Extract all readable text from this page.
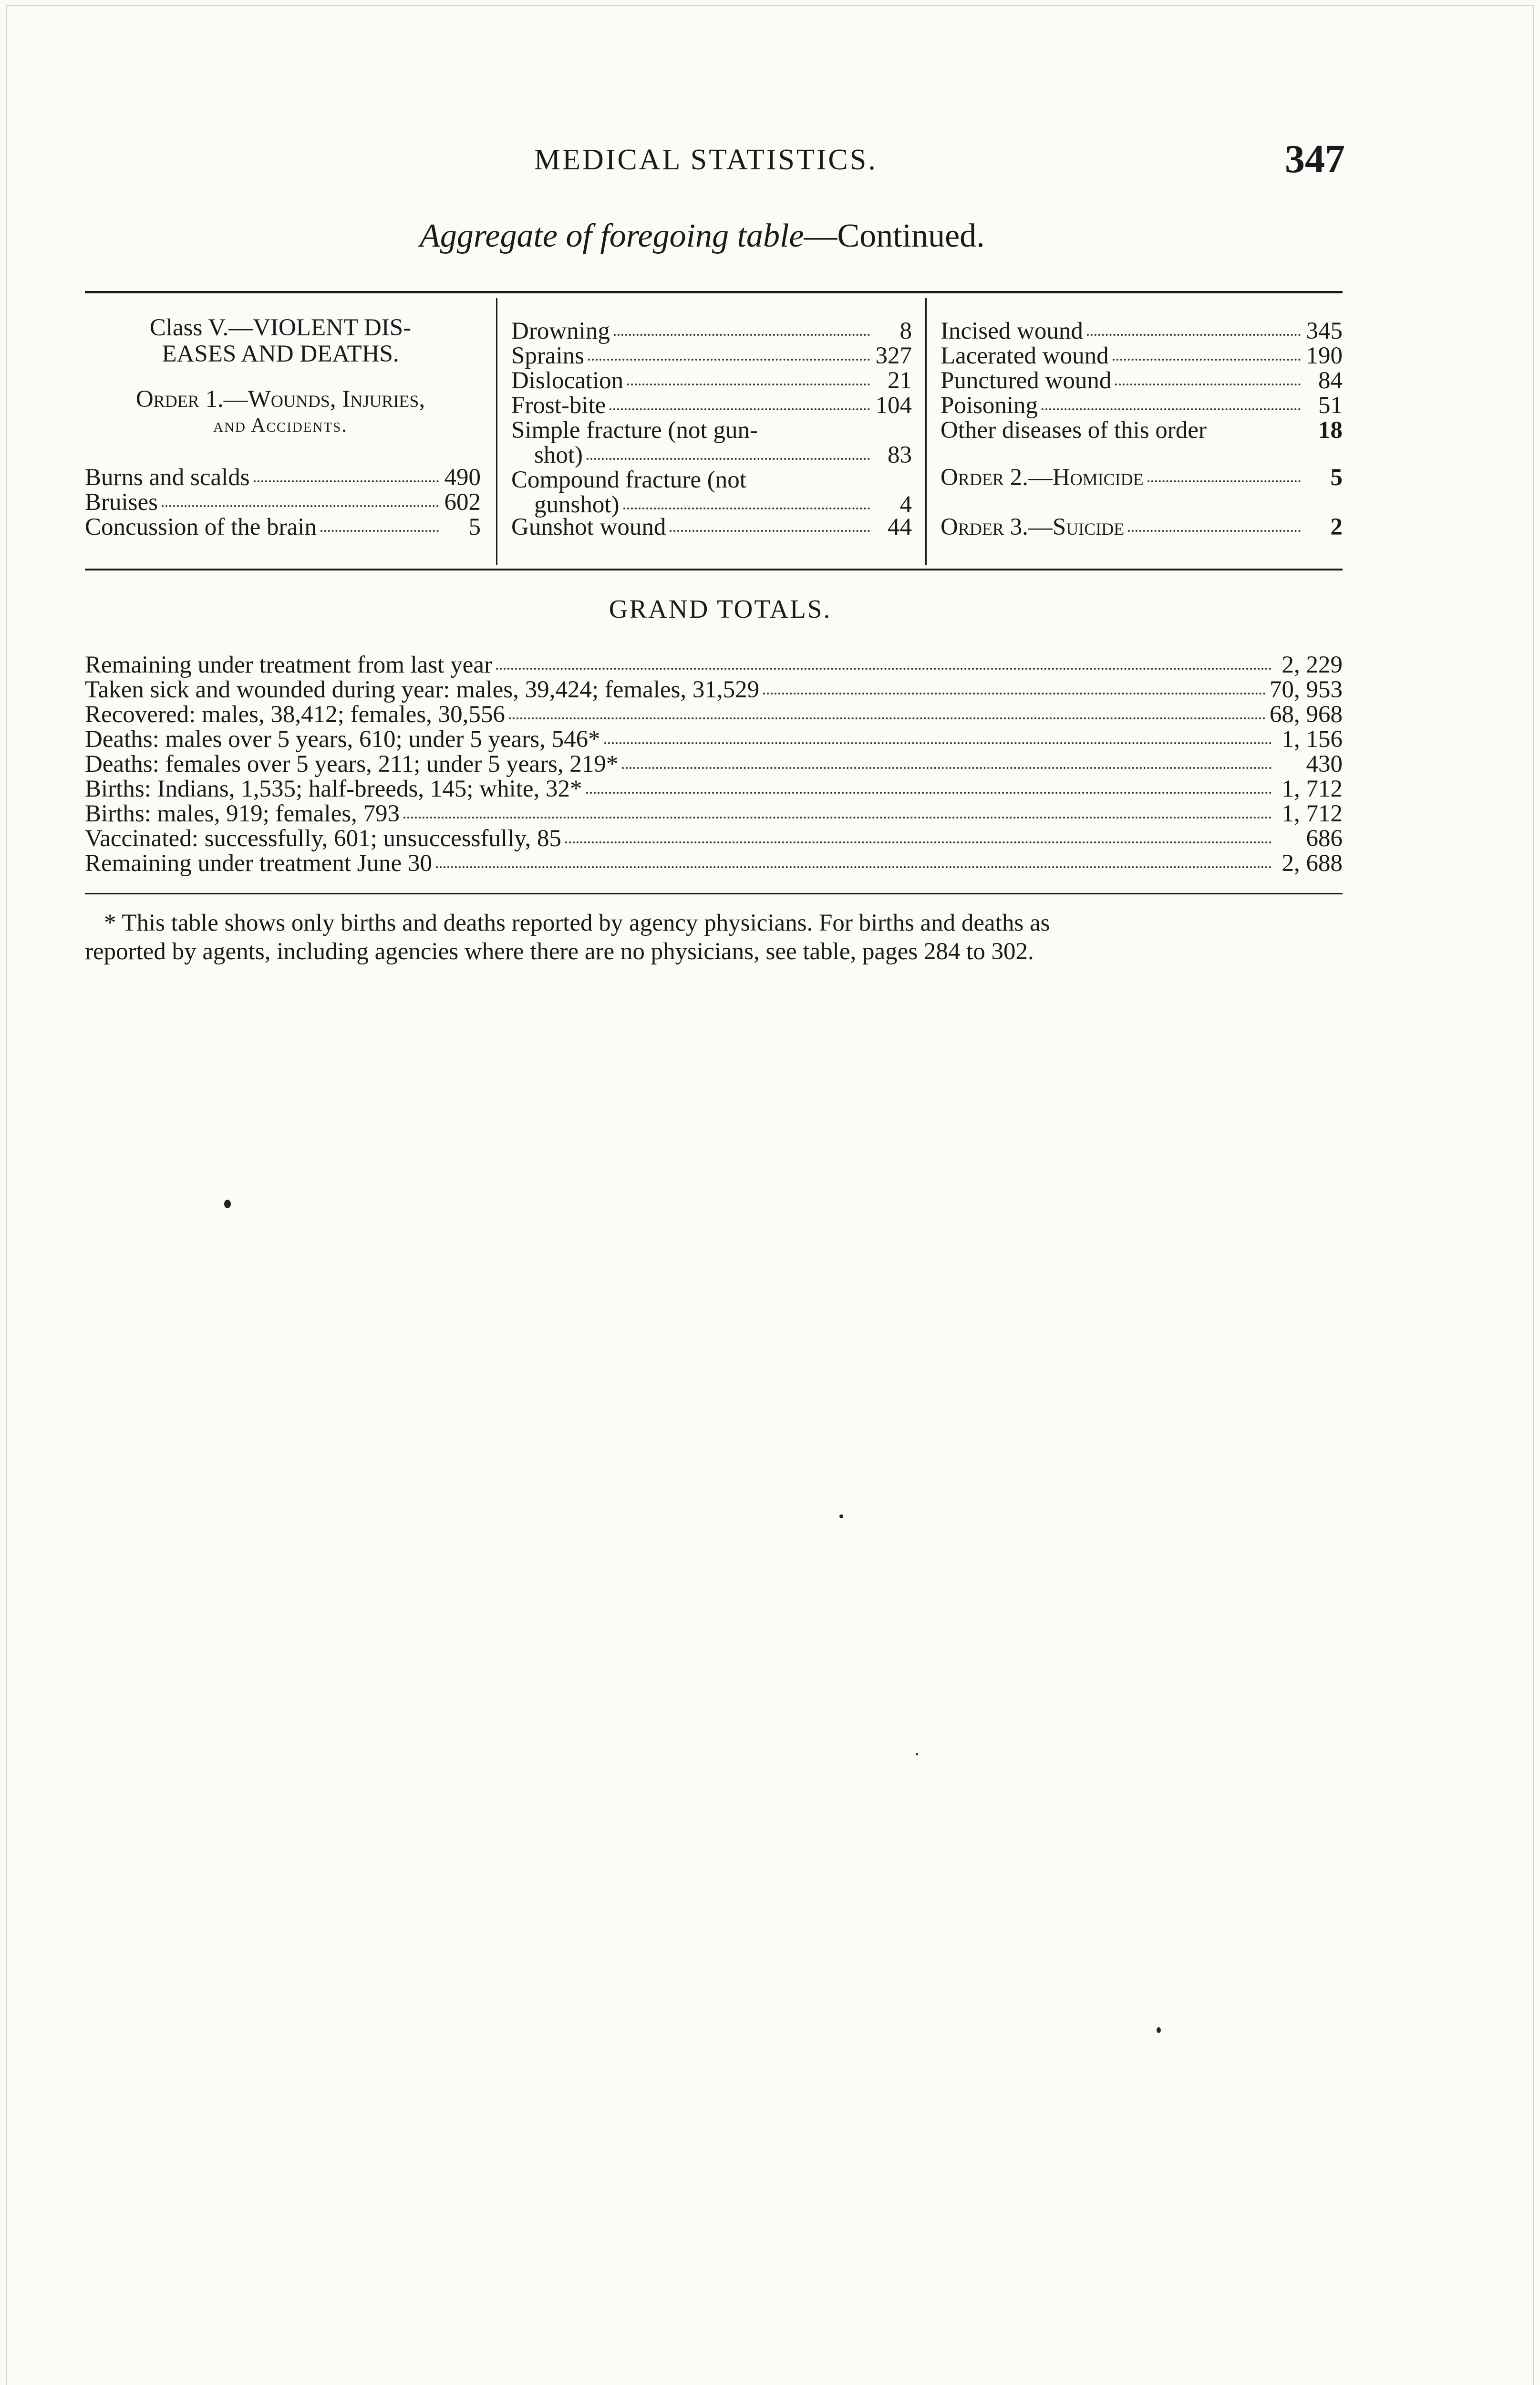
MEDICAL STATISTICS.	347
Aggregate of foregoing table—Continued.
Class V.—VIOLENT DIS-
EASES AND DEATHS.
Order 1.—Wounds, Injuries,
and Accidents.
Burns and scalds	490
Bruises	602
Concussion of the brain	5
Drowning	8
Sprains	327
Dislocation	21
Frost-bite	104
Simple fracture (not gun-
shot)	83
Compound fracture (not
gunshot)	4
Gunshot wound	44
Incised wound	345
Lacerated wound	190
Punctured wound	84
Poisoning	51
Other diseases of this order	18
Order 2.—Homicide	5
Order 3.—Suicide	2
GRAND TOTALS.
Remaining under treatment from last year	2, 229
Taken sick and wounded during year: males, 39,424; females, 31,529	70, 953
Recovered: males, 38,412; females, 30,556	68, 968
Deaths: males over 5 years, 610; under 5 years, 546*	1, 156
Deaths: females over 5 years, 211; under 5 years, 219*	430
Births: Indians, 1,535; half-breeds, 145; white, 32*	1, 712
Births: males, 919; females, 793	1, 712
Vaccinated: successfully, 601; unsuccessfully, 85	686
Remaining under treatment June 30	2, 688
* This table shows only births and deaths reported by agency physicians. For births and deaths as
reported by agents, including agencies where there are no physicians, see table, pages 284 to 302.
